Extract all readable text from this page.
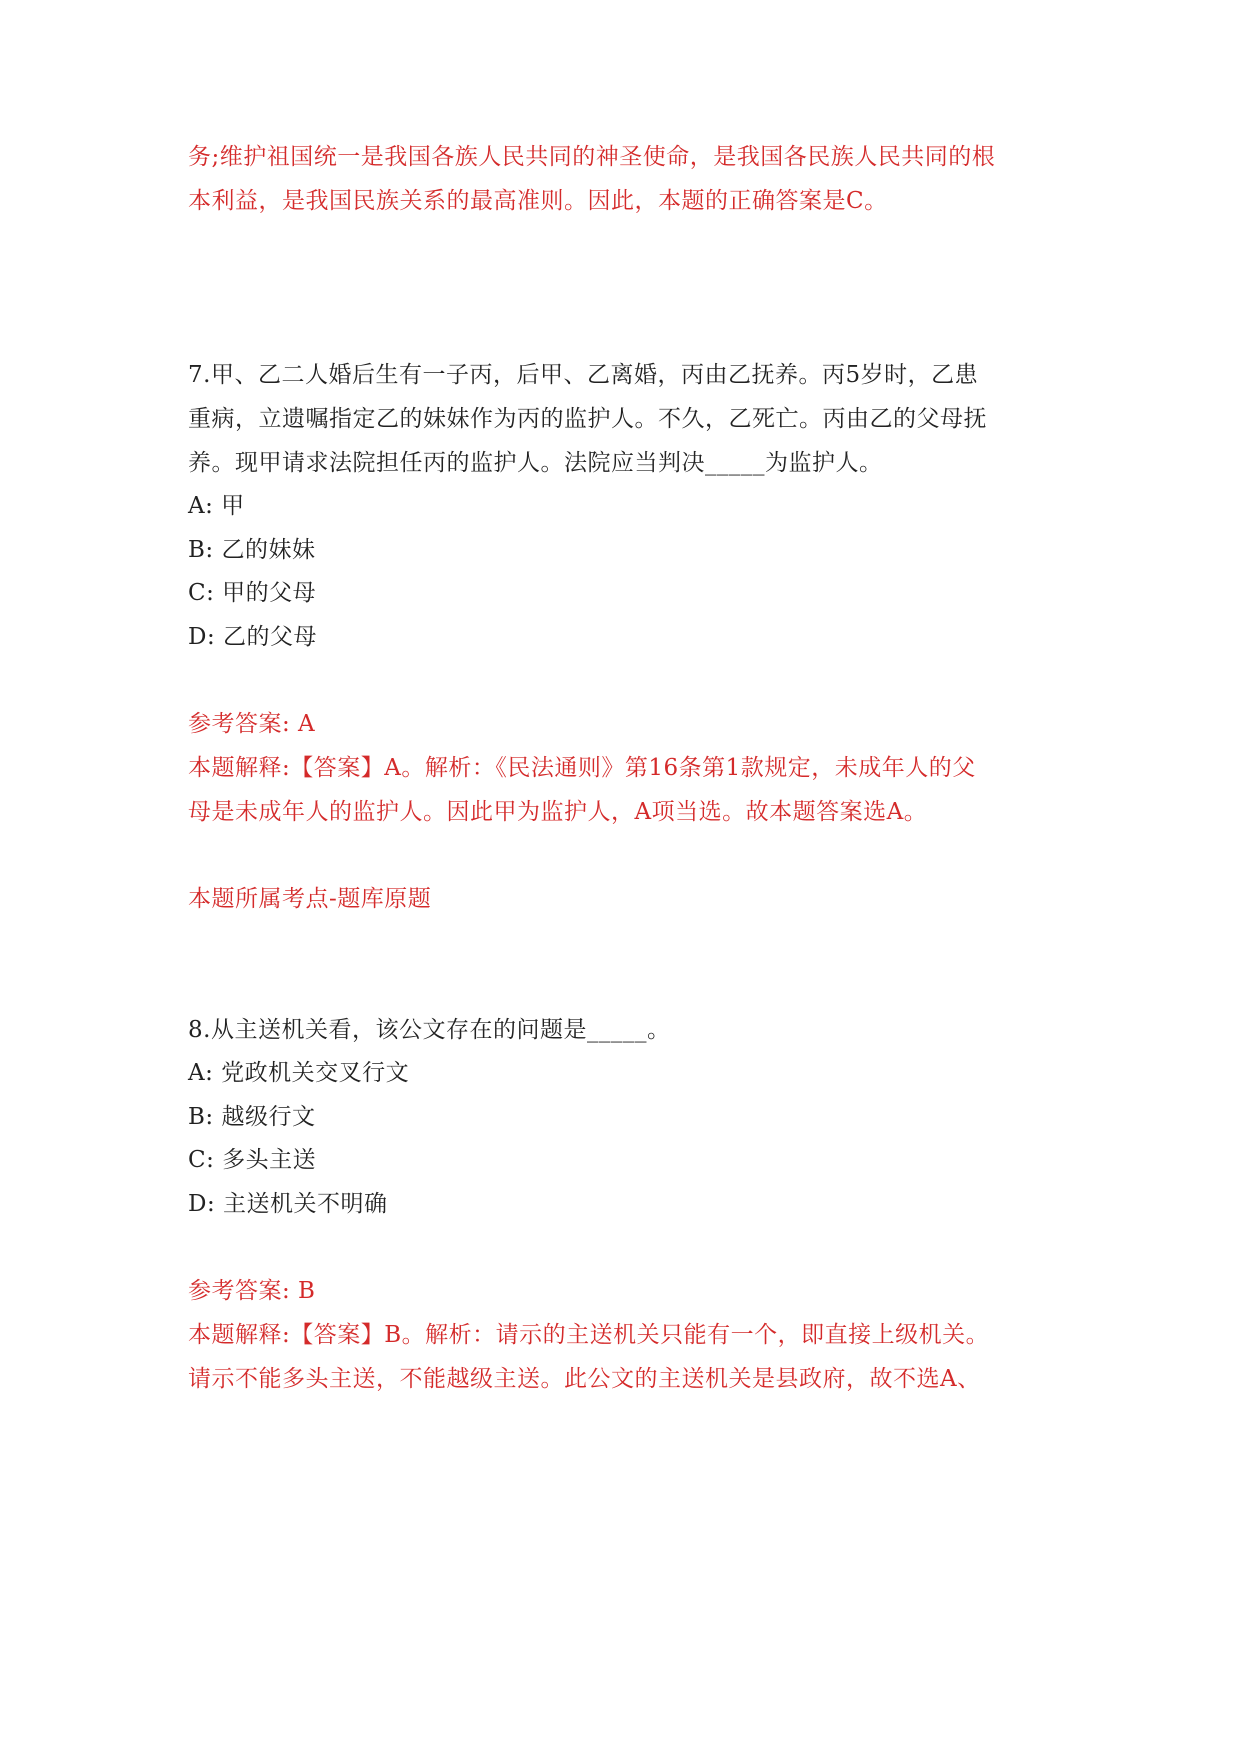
务;维护祖国统一是我国各族人民共同的神圣使命，是我国各民族人民共同的根
本利益，是我国民族关系的最高准则。因此，本题的正确答案是C。
7.甲、乙二人婚后生有一子丙，后甲、乙离婚，丙由乙抚养。丙5岁时，乙患
重病，立遗嘱指定乙的妹妹作为丙的监护人。不久，乙死亡。丙由乙的父母抚
养。现甲请求法院担任丙的监护人。法院应当判决_____为监护人。
A: 甲
B: 乙的妹妹
C: 甲的父母
D: 乙的父母
参考答案: A
本题解释:【答案】A。解析：《民法通则》第16条第1款规定，未成年人的父
母是未成年人的监护人。因此甲为监护人，A项当选。故本题答案选A。
本题所属考点-题库原题
8.从主送机关看，该公文存在的问题是_____。
A: 党政机关交叉行文
B: 越级行文
C: 多头主送
D: 主送机关不明确
参考答案: B
本题解释:【答案】B。解析：请示的主送机关只能有一个，即直接上级机关。
请示不能多头主送，不能越级主送。此公文的主送机关是县政府，故不选A、
